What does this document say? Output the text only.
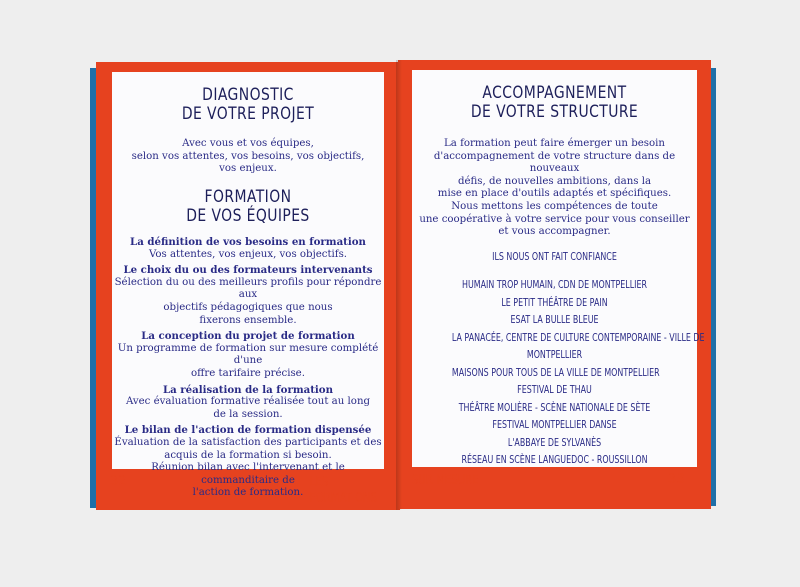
DIAGNOSTIC

DE VOTRE PROJET

Avec vous et vos équipes,

selon vos attentes, vos besoins, vos objectifs,

vos enjeux.

FORMATION

DE VOS ÉQUIPES

La définition de vos besoins en formation

Vos attentes, vos enjeux, vos objectifs.

Le choix du ou des formateurs intervenants

Sélection du ou des meilleurs profils pour répondre aux

objectifs pédagogiques que nous

fixerons ensemble.

La conception du projet de formation

Un programme de formation sur mesure complété d'une

offre tarifaire précise.

La réalisation de la formation

Avec évaluation formative réalisée tout au long

de la session.

Le bilan de l'action de formation dispensée

Évaluation de la satisfaction des participants et des

acquis de la formation si besoin.

Réunion bilan avec l'intervenant et le commanditaire de

l'action de formation.

32	LES FORMATIONS

ACCOMPAGNEMENT

DE VOTRE STRUCTURE

La formation peut faire émerger un besoin

d'accompagnement de votre structure dans de nouveaux

défis, de nouvelles ambitions, dans la

mise en place d'outils adaptés et spécifiques.

Nous mettons les compétences de toute

une coopérative à votre service pour vous conseiller

et vous accompagner.

ILS NOUS ONT FAIT CONFIANCE

HUMAIN TROP HUMAIN, CDN DE MONTPELLIER

LE PETIT THÉÂTRE DE PAIN

ESAT LA BULLE BLEUE

LA PANACÉE, CENTRE DE CULTURE CONTEMPORAINE - VILLE DE

MONTPELLIER

MAISONS POUR TOUS DE LA VILLE DE MONTPELLIER

FESTIVAL DE THAU

THÉÂTRE MOLIÈRE - SCÈNE NATIONALE DE SÈTE

FESTIVAL MONTPELLIER DANSE

L'ABBAYE DE SYLVANÈS

RÉSEAU EN SCÈNE LANGUEDOC - ROUSSILLON

SUR MESURE	33
